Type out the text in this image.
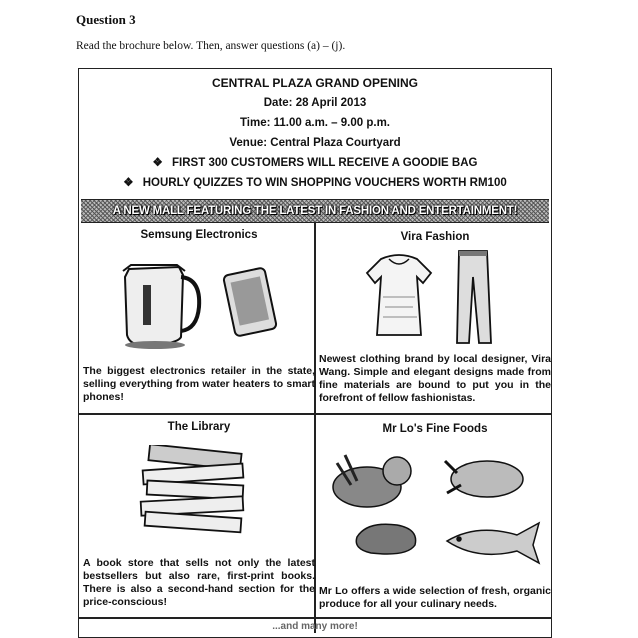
Question 3
Read the brochure below. Then, answer questions (a) – (j).
CENTRAL PLAZA GRAND OPENING
Date: 28 April 2013
Time: 11.00 a.m. – 9.00 p.m.
Venue: Central Plaza Courtyard
❖ FIRST 300 CUSTOMERS WILL RECEIVE A GOODIE BAG
❖ HOURLY QUIZZES TO WIN SHOPPING VOUCHERS WORTH RM100
A NEW MALL FEATURING THE LATEST IN FASHION AND ENTERTAINMENT!
Semsung Electronics

The biggest electronics retailer in the state, selling everything from water heaters to smart phones!

Vira Fashion

Newest clothing brand by local designer, Vira Wang. Simple and elegant designs made from fine materials are bound to put you in the forefront of fellow fashionistas.

The Library

A book store that sells not only the latest bestsellers but also rare, first-print books. There is also a second-hand section for the price-conscious!

Mr Lo's Fine Foods

Mr Lo offers a wide selection of fresh, organic produce for all your culinary needs.

...and many more!
